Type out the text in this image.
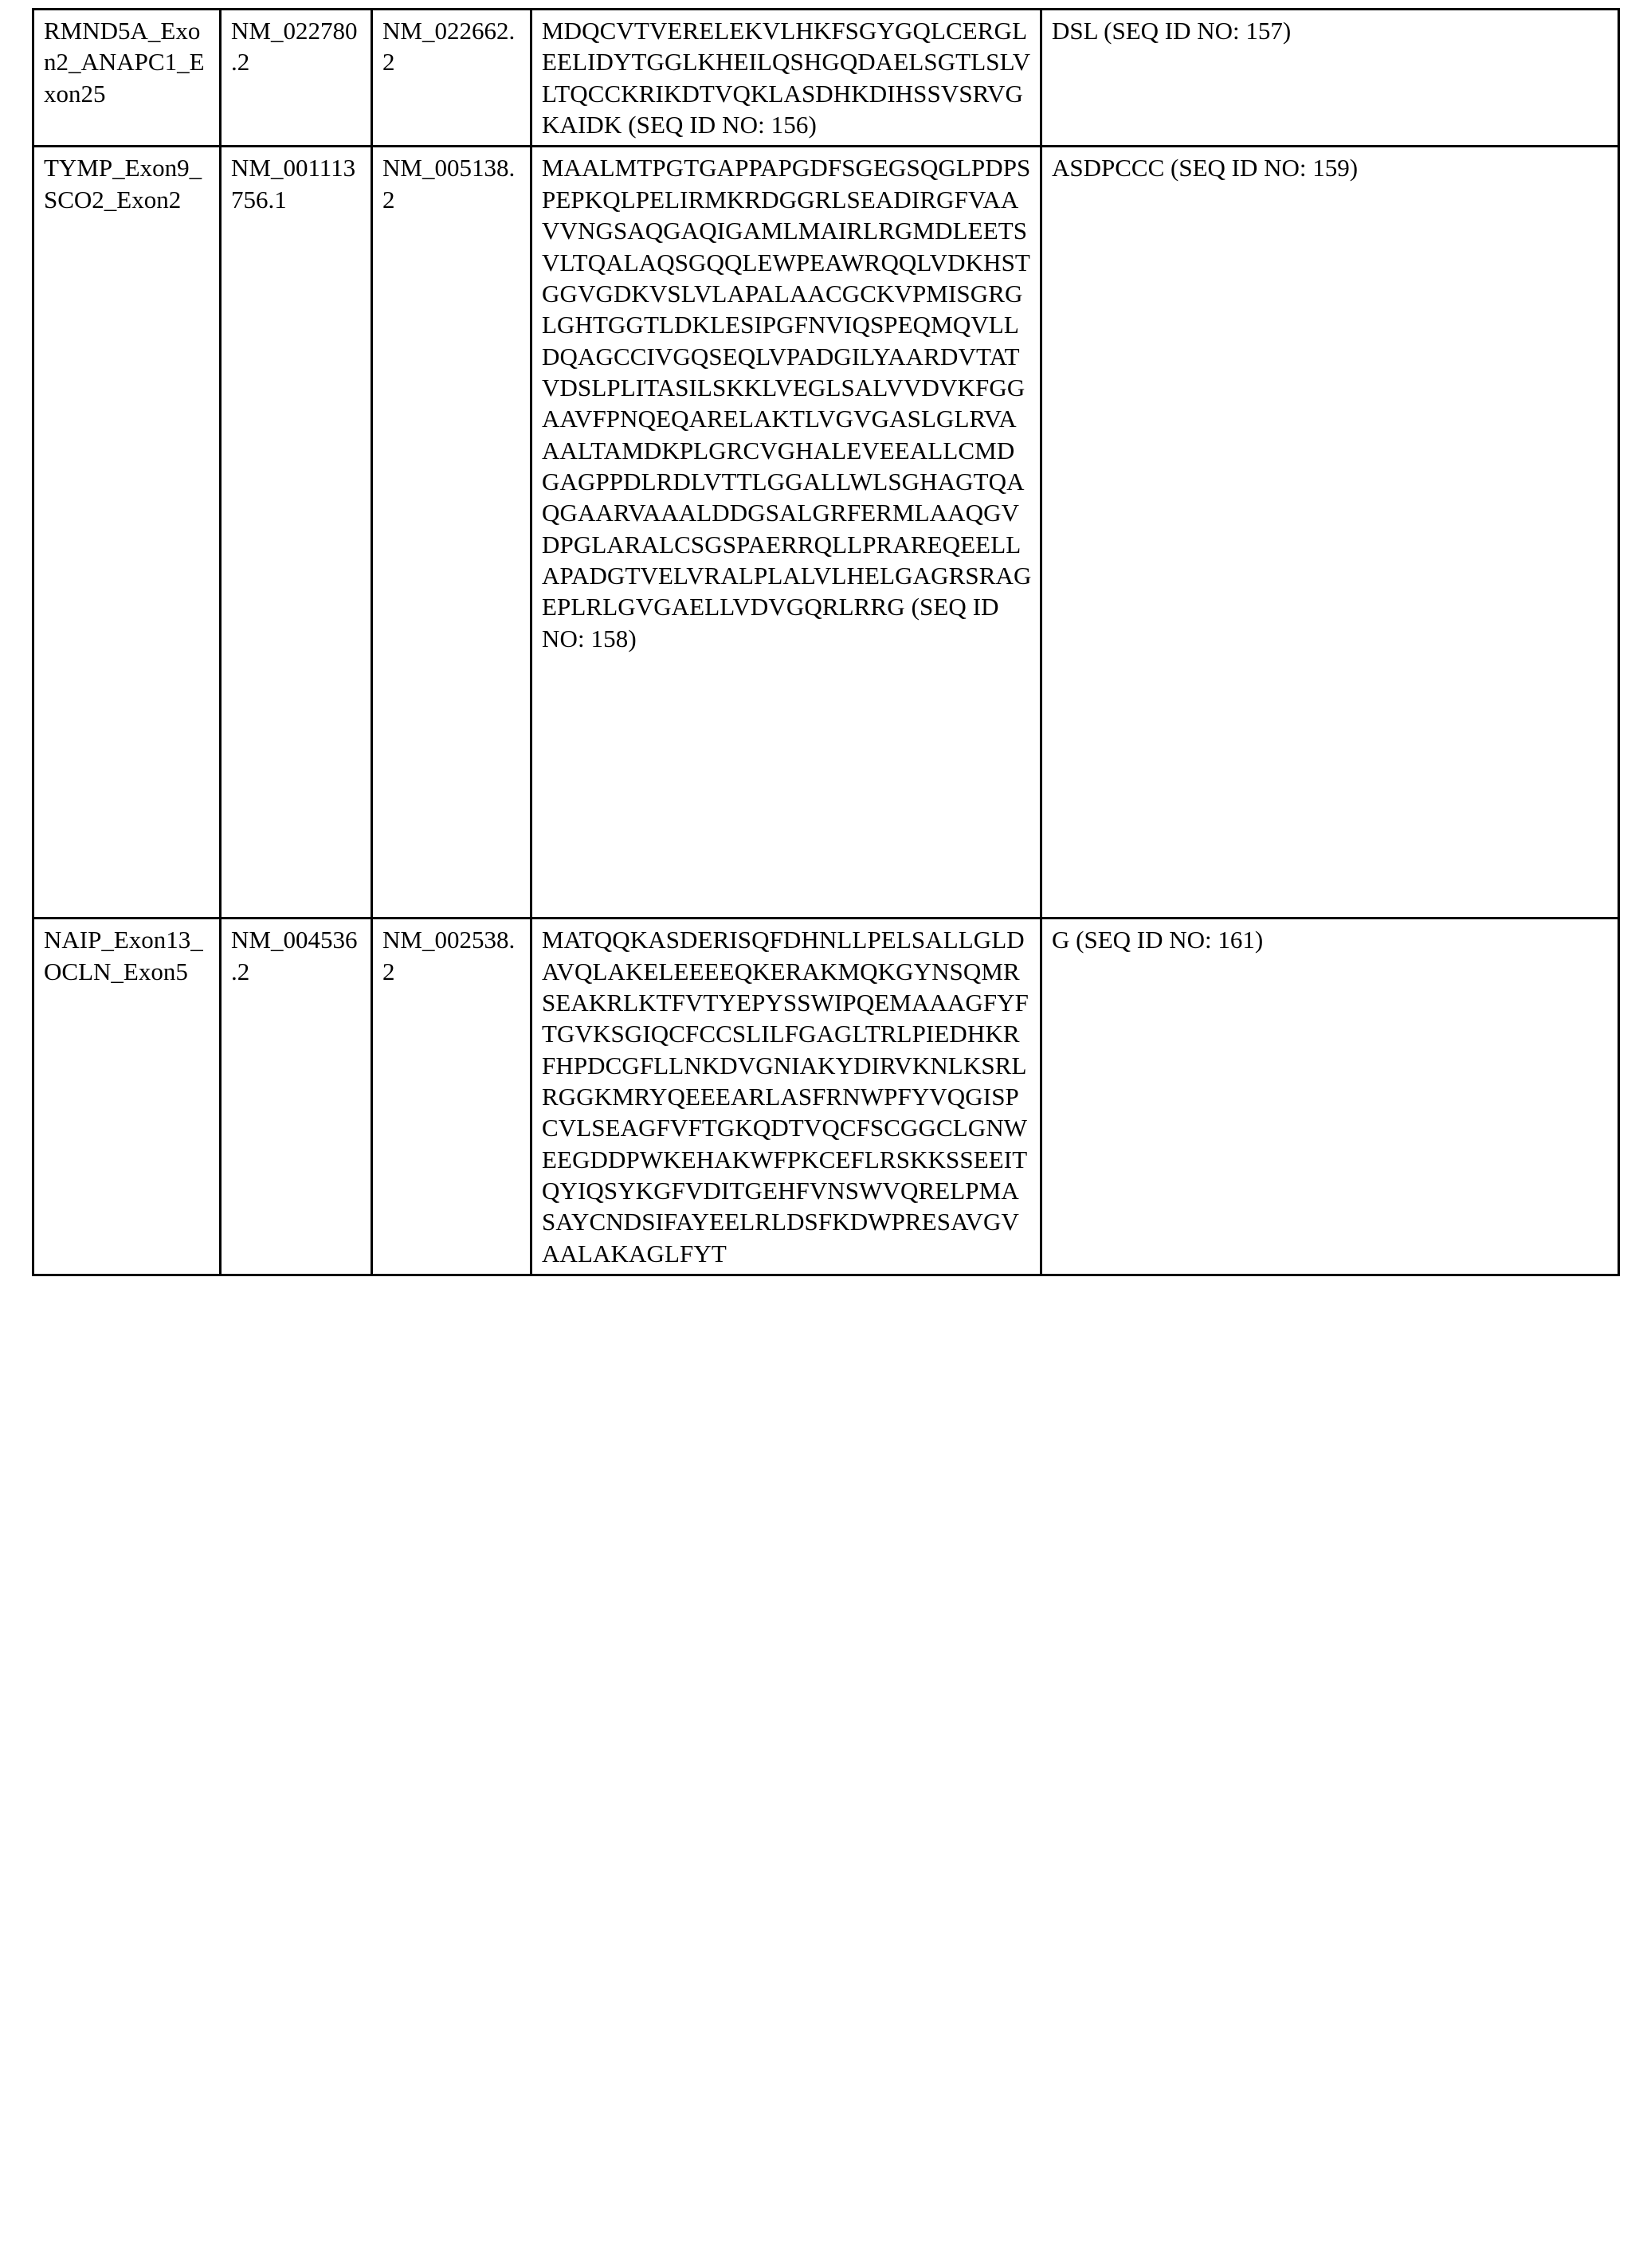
RMND5A_Exon2_ANAPC1_Exon25	NM_022780.2	NM_022662.2	MDQCVTVERELEKVLHKFSGYGQLCERGLEELIDYTGGLKHEILQSHGQDAELSGTLSLVLTQCCKRIKDTVQKLASDHKDIHSSVSRVGKAIDK (SEQ ID NO: 156)	DSL (SEQ ID NO: 157)

TYMP_Exon9_SCO2_Exon2	NM_001113756.1	NM_005138.2	MAALMTPGTGAPPAPGDFSGEGSQGLPDPSPEPKQLPELIRMKRDGGRLSEADIRGFVAAVVNGSAQGAQIGAMLMAIRLRGMDLEETSVLTQALAQSGQQLEWPEAWRQQLVDKHSTGGVGDKVSLVLAPALAACGCKVPMISGRGLGHTGGTLDKLESIPGFNVIQSPEQMQVLLDQAGCCIVGQSEQLVPADGILYAARDVTATVDSLPLITASILSKKLVEGLSALVVDVKFGGAAVFPNQEQARELAKTLVGVGASLGLRVAAALTAMDKPLGRCVGHALEVEEALLCMDGAGPPDLRDLVTTLGGALLWLSGHAGTQAQGAARVAAALDDGSALGRFERMLAAQGVDPGLARALCSGSPAERRQLLPRAREQEELLAPADGTVELVRALPLALVLHELGAGRSRAGEPLRLGVGAELLVDVGQRLRRG (SEQ ID NO: 158)	ASDPCCC (SEQ ID NO: 159)

NAIP_Exon13_OCLN_Exon5	NM_004536.2	NM_002538.2	MATQQKASDERISQFDHNLLPELSALLGLDAVQLAKELEEEEQKERAKMQKGYNSQMRSEAKRLKTFVTYEPYSSWIPQEMAAAGFYFTGVKSGIQCFCCSLILFGAGLTRLPIEDHKRFHPDCGFLLNKDVGNIAKYDIRVKNLKSRLRGGKMRYQEEEARLASFRNWPFYVQGISPCVLSEAGFVFTGKQDTVQCFSCGGCLGNWEEGDDPWKEHAKWFPKCEFLRSKKSSEEITQYIQSYKGFVDITGEHFVNSWVQRELPMASAYCNDSIFAYEELRLDSFKDWPRESAVGVAALAKAGLFYT	G (SEQ ID NO: 161)
